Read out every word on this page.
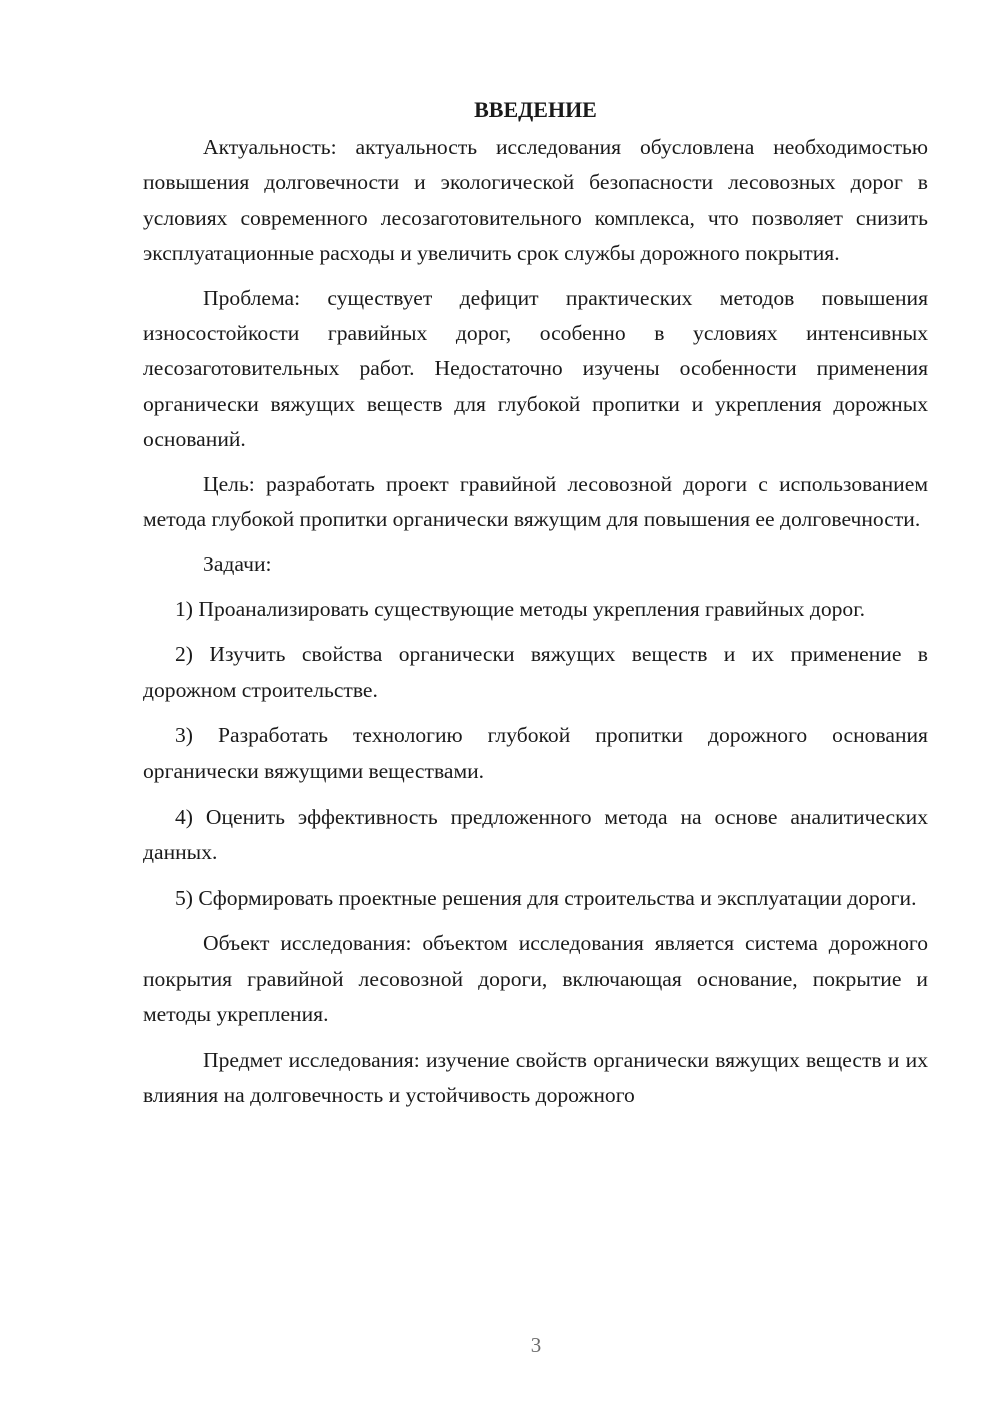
ВВЕДЕНИЕ

Актуальность: актуальность исследования обусловлена необходимостью повышения долговечности и экологической безопасности лесовозных дорог в условиях современного лесозаготовительного комплекса, что позволяет снизить эксплуатационные расходы и увеличить срок службы дорожного покрытия.

Проблема: существует дефицит практических методов повышения износостойкости гравийных дорог, особенно в условиях интенсивных лесозаготовительных работ. Недостаточно изучены особенности применения органически вяжущих веществ для глубокой пропитки и укрепления дорожных оснований.

Цель: разработать проект гравийной лесовозной дороги с использованием метода глубокой пропитки органически вяжущим для повышения ее долговечности.

Задачи:

1) Проанализировать существующие методы укрепления гравийных дорог.

2) Изучить свойства органически вяжущих веществ и их применение в дорожном строительстве.

3) Разработать технологию глубокой пропитки дорожного основания органически вяжущими веществами.

4) Оценить эффективность предложенного метода на основе аналитических данных.

5) Сформировать проектные решения для строительства и эксплуатации дороги.

Объект исследования: объектом исследования является система дорожного покрытия гравийной лесовозной дороги, включающая основание, покрытие и методы укрепления.

Предмет исследования: изучение свойств органически вяжущих веществ и их влияния на долговечность и устойчивость дорожного

3
